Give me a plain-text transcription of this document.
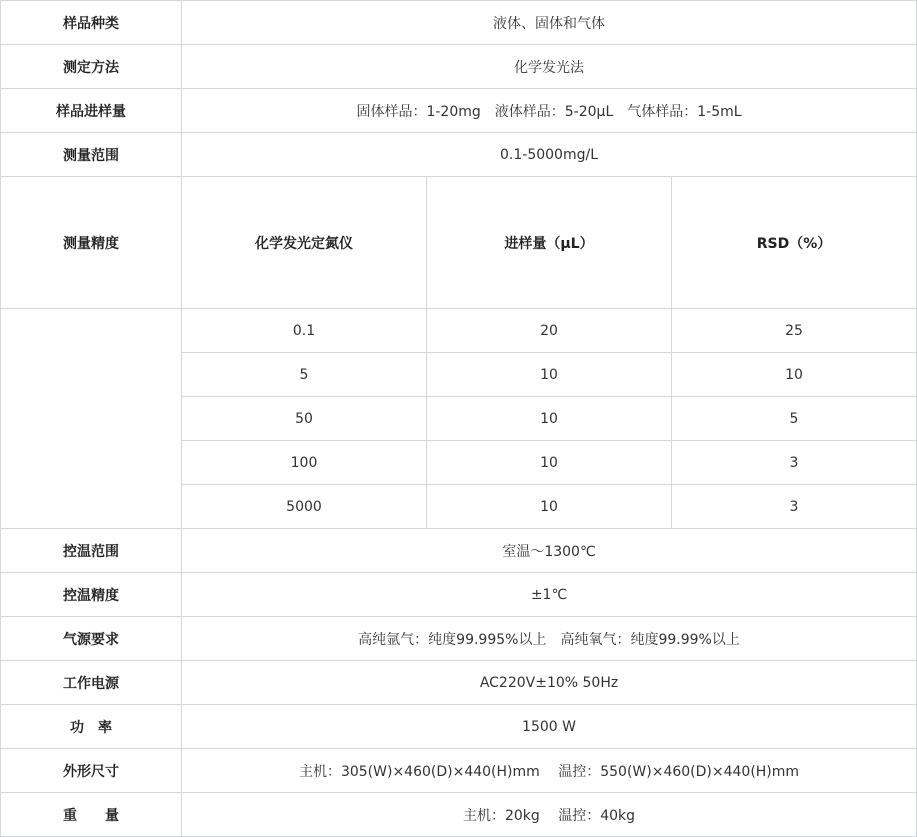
样品种类	液体、固体和气体		
测定方法	化学发光法		
样品进样量	固体样品：1-20mg　液体样品：5-20μL　气体样品：1-5mL		
测量范围	0.1-5000mg/L		
测量精度	化学发光定氮仪	进样量（μL）	RSD（%）
	0.1	20	25
	5	10	10
	50	10	5
	100	10	3
	5000	10	3
控温范围	室温～1300℃		
控温精度	±1℃		
气源要求	高纯氩气：纯度99.995%以上　高纯氧气：纯度99.99%以上		
工作电源	AC220V±10% 50Hz		
功　率	1500 W		
外形尺寸	主机：305(W)×460(D)×440(H)mm　 温控：550(W)×460(D)×440(H)mm		
重　　量	主机：20kg　 温控：40kg		
